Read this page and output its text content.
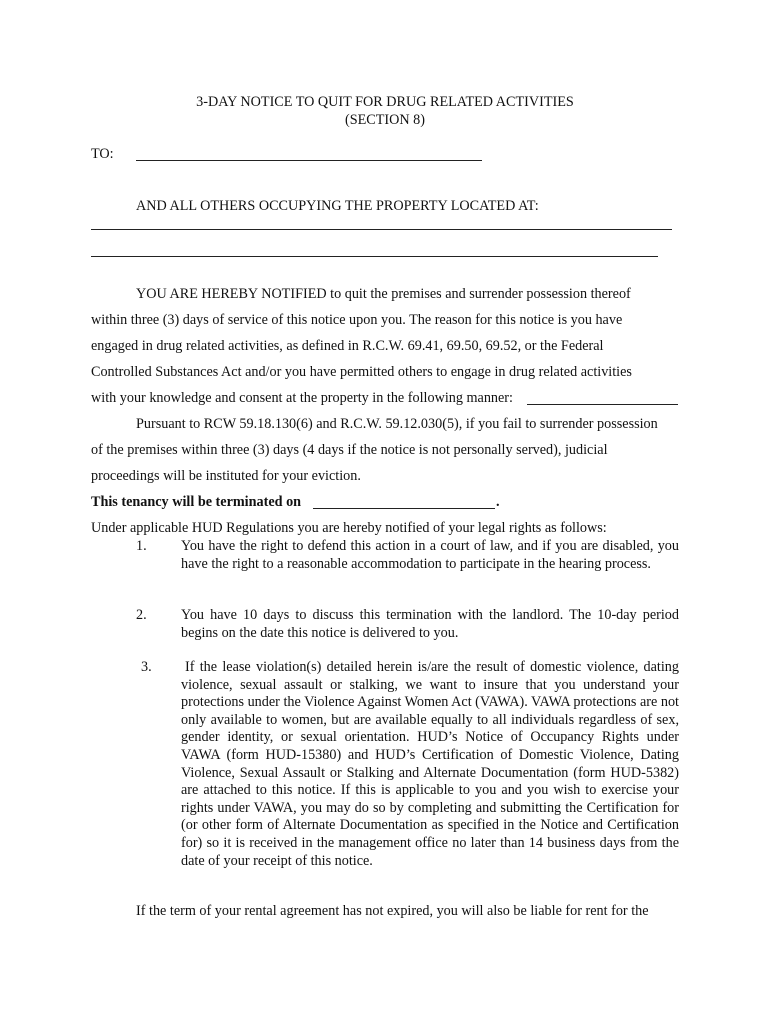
3-DAY NOTICE TO QUIT FOR DRUG RELATED ACTIVITIES
(SECTION 8)
TO:
AND ALL OTHERS OCCUPYING THE PROPERTY LOCATED AT:
YOU ARE HEREBY NOTIFIED to quit the premises and surrender possession thereof
within three (3) days of service of this notice upon you. The reason for this notice is you have
engaged in drug related activities, as defined in R.C.W. 69.41, 69.50, 69.52, or the Federal
Controlled Substances Act and/or you have permitted others to engage in drug related activities
with your knowledge and consent at the property in the following manner:
Pursuant to RCW 59.18.130(6) and R.C.W. 59.12.030(5), if you fail to surrender possession
of the premises within three (3) days (4 days if the notice is not personally served), judicial
proceedings will be instituted for your eviction.
This tenancy will be terminated on	.
Under applicable HUD Regulations you are hereby notified of your legal rights as follows:
1. You have the right to defend this action in a court of law, and if you are disabled, you have the right to a reasonable accommodation to participate in the hearing process.
2. You have 10 days to discuss this termination with the landlord. The 10-day period begins on the date this notice is delivered to you.
3. If the lease violation(s) detailed herein is/are the result of domestic violence, dating violence, sexual assault or stalking, we want to insure that you understand your protections under the Violence Against Women Act (VAWA). VAWA protections are not only available to women, but are available equally to all individuals regardless of sex, gender identity, or sexual orientation. HUD’s Notice of Occupancy Rights under VAWA (form HUD-15380) and HUD’s Certification of Domestic Violence, Dating Violence, Sexual Assault or Stalking and Alternate Documentation (form HUD-5382) are attached to this notice. If this is applicable to you and you wish to exercise your rights under VAWA, you may do so by completing and submitting the Certification for (or other form of Alternate Documentation as specified in the Notice and Certification for) so it is received in the management office no later than 14 business days from the date of your receipt of this notice.
If the term of your rental agreement has not expired, you will also be liable for rent for the
